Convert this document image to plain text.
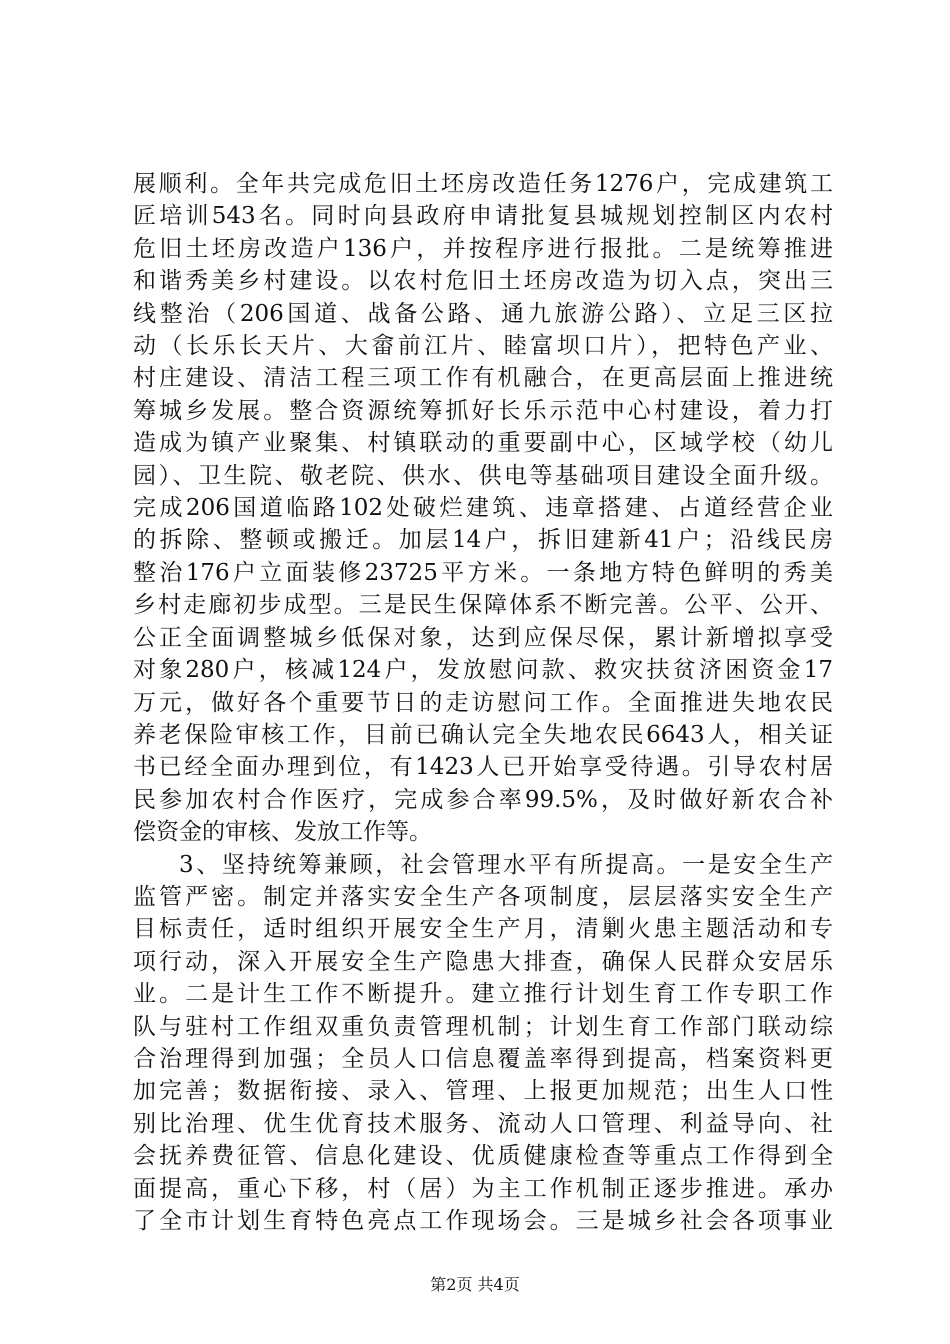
展顺利。全年共完成危旧土坯房改造任务1276户，完成建筑工
匠培训543名。同时向县政府申请批复县城规划控制区内农村
危旧土坯房改造户136户，并按程序进行报批。二是统筹推进
和谐秀美乡村建设。以农村危旧土坯房改造为切入点，突出三
线整治（206国道、战备公路、通九旅游公路）、立足三区拉
动（长乐长天片、大畲前江片、睦富坝口片），把特色产业、
村庄建设、清洁工程三项工作有机融合，在更高层面上推进统
筹城乡发展。整合资源统筹抓好长乐示范中心村建设，着力打
造成为镇产业聚集、村镇联动的重要副中心，区域学校（幼儿
园）、卫生院、敬老院、供水、供电等基础项目建设全面升级。
完成206国道临路102处破烂建筑、违章搭建、占道经营企业
的拆除、整顿或搬迁。加层14户，拆旧建新41户；沿线民房
整治176户立面装修23725平方米。一条地方特色鲜明的秀美
乡村走廊初步成型。三是民生保障体系不断完善。公平、公开、
公正全面调整城乡低保对象，达到应保尽保，累计新增拟享受
对象280户，核减124户，发放慰问款、救灾扶贫济困资金17
万元，做好各个重要节日的走访慰问工作。全面推进失地农民
养老保险审核工作，目前已确认完全失地农民6643人，相关证
书已经全面办理到位，有1423人已开始享受待遇。引导农村居
民参加农村合作医疗，完成参合率99.5%，及时做好新农合补
偿资金的审核、发放工作等。
3、坚持统筹兼顾，社会管理水平有所提高。一是安全生产
监管严密。制定并落实安全生产各项制度，层层落实安全生产
目标责任，适时组织开展安全生产月，清剿火患主题活动和专
项行动，深入开展安全生产隐患大排查，确保人民群众安居乐
业。二是计生工作不断提升。建立推行计划生育工作专职工作
队与驻村工作组双重负责管理机制；计划生育工作部门联动综
合治理得到加强；全员人口信息覆盖率得到提高，档案资料更
加完善；数据衔接、录入、管理、上报更加规范；出生人口性
别比治理、优生优育技术服务、流动人口管理、利益导向、社
会抚养费征管、信息化建设、优质健康检查等重点工作得到全
面提高，重心下移，村（居）为主工作机制正逐步推进。承办
了全市计划生育特色亮点工作现场会。三是城乡社会各项事业
第2页 共4页
